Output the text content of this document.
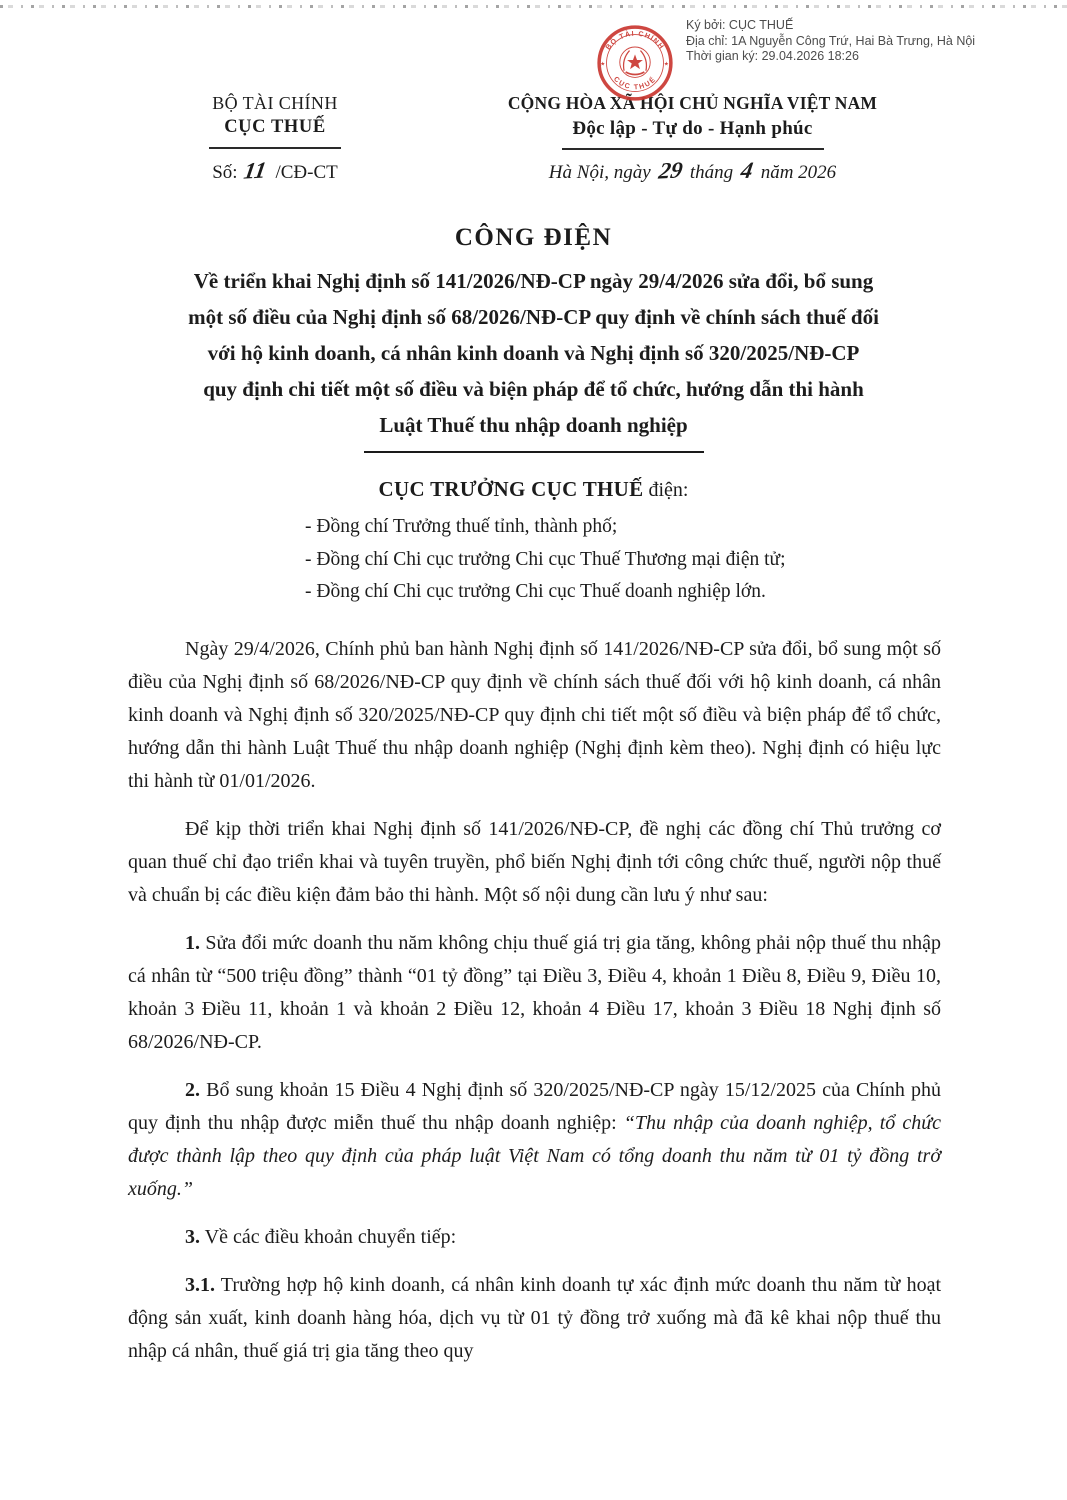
BỘ TÀI CHÍNH
CỤC THUẾ
★	★
Ký bởi: CỤC THUẾ
Địa chỉ: 1A Nguyễn Công Trứ, Hai Bà Trưng, Hà Nội
Thời gian ký: 29.04.2026 18:26
BỘ TÀI CHÍNH
CỤC THUẾ
Số: 11 /CĐ-CT
CỘNG HÒA XÃ HỘI CHỦ NGHĨA VIỆT NAM
Độc lập - Tự do - Hạnh phúc
Hà Nội, ngày 29 tháng 4 năm 2026
CÔNG ĐIỆN
Về triển khai Nghị định số 141/2026/NĐ-CP ngày 29/4/2026 sửa đổi, bổ sung
một số điều của Nghị định số 68/2026/NĐ-CP quy định về chính sách thuế đối
với hộ kinh doanh, cá nhân kinh doanh và Nghị định số 320/2025/NĐ-CP
quy định chi tiết một số điều và biện pháp để tổ chức, hướng dẫn thi hành
Luật Thuế thu nhập doanh nghiệp
CỤC TRƯỞNG CỤC THUẾ điện:
- Đồng chí Trưởng thuế tỉnh, thành phố;
- Đồng chí Chi cục trưởng Chi cục Thuế Thương mại điện tử;
- Đồng chí Chi cục trưởng Chi cục Thuế doanh nghiệp lớn.

Ngày 29/4/2026, Chính phủ ban hành Nghị định số 141/2026/NĐ-CP sửa đổi, bổ sung một số điều của Nghị định số 68/2026/NĐ-CP quy định về chính sách thuế đối với hộ kinh doanh, cá nhân kinh doanh và Nghị định số 320/2025/NĐ-CP quy định chi tiết một số điều và biện pháp để tổ chức, hướng dẫn thi hành Luật Thuế thu nhập doanh nghiệp (Nghị định kèm theo). Nghị định có hiệu lực thi hành từ 01/01/2026.

Để kịp thời triển khai Nghị định số 141/2026/NĐ-CP, đề nghị các đồng chí Thủ trưởng cơ quan thuế chỉ đạo triển khai và tuyên truyền, phổ biến Nghị định tới công chức thuế, người nộp thuế và chuẩn bị các điều kiện đảm bảo thi hành. Một số nội dung cần lưu ý như sau:

1. Sửa đổi mức doanh thu năm không chịu thuế giá trị gia tăng, không phải nộp thuế thu nhập cá nhân từ “500 triệu đồng” thành “01 tỷ đồng” tại Điều 3, Điều 4, khoản 1 Điều 8, Điều 9, Điều 10, khoản 3 Điều 11, khoản 1 và khoản 2 Điều 12, khoản 4 Điều 17, khoản 3 Điều 18 Nghị định số 68/2026/NĐ-CP.

2. Bổ sung khoản 15 Điều 4 Nghị định số 320/2025/NĐ-CP ngày 15/12/2025 của Chính phủ quy định thu nhập được miễn thuế thu nhập doanh nghiệp: “Thu nhập của doanh nghiệp, tổ chức được thành lập theo quy định của pháp luật Việt Nam có tổng doanh thu năm từ 01 tỷ đồng trở xuống.”

3. Về các điều khoản chuyển tiếp:

3.1. Trường hợp hộ kinh doanh, cá nhân kinh doanh tự xác định mức doanh thu năm từ hoạt động sản xuất, kinh doanh hàng hóa, dịch vụ từ 01 tỷ đồng trở xuống mà đã kê khai nộp thuế thu nhập cá nhân, thuế giá trị gia tăng theo quy
